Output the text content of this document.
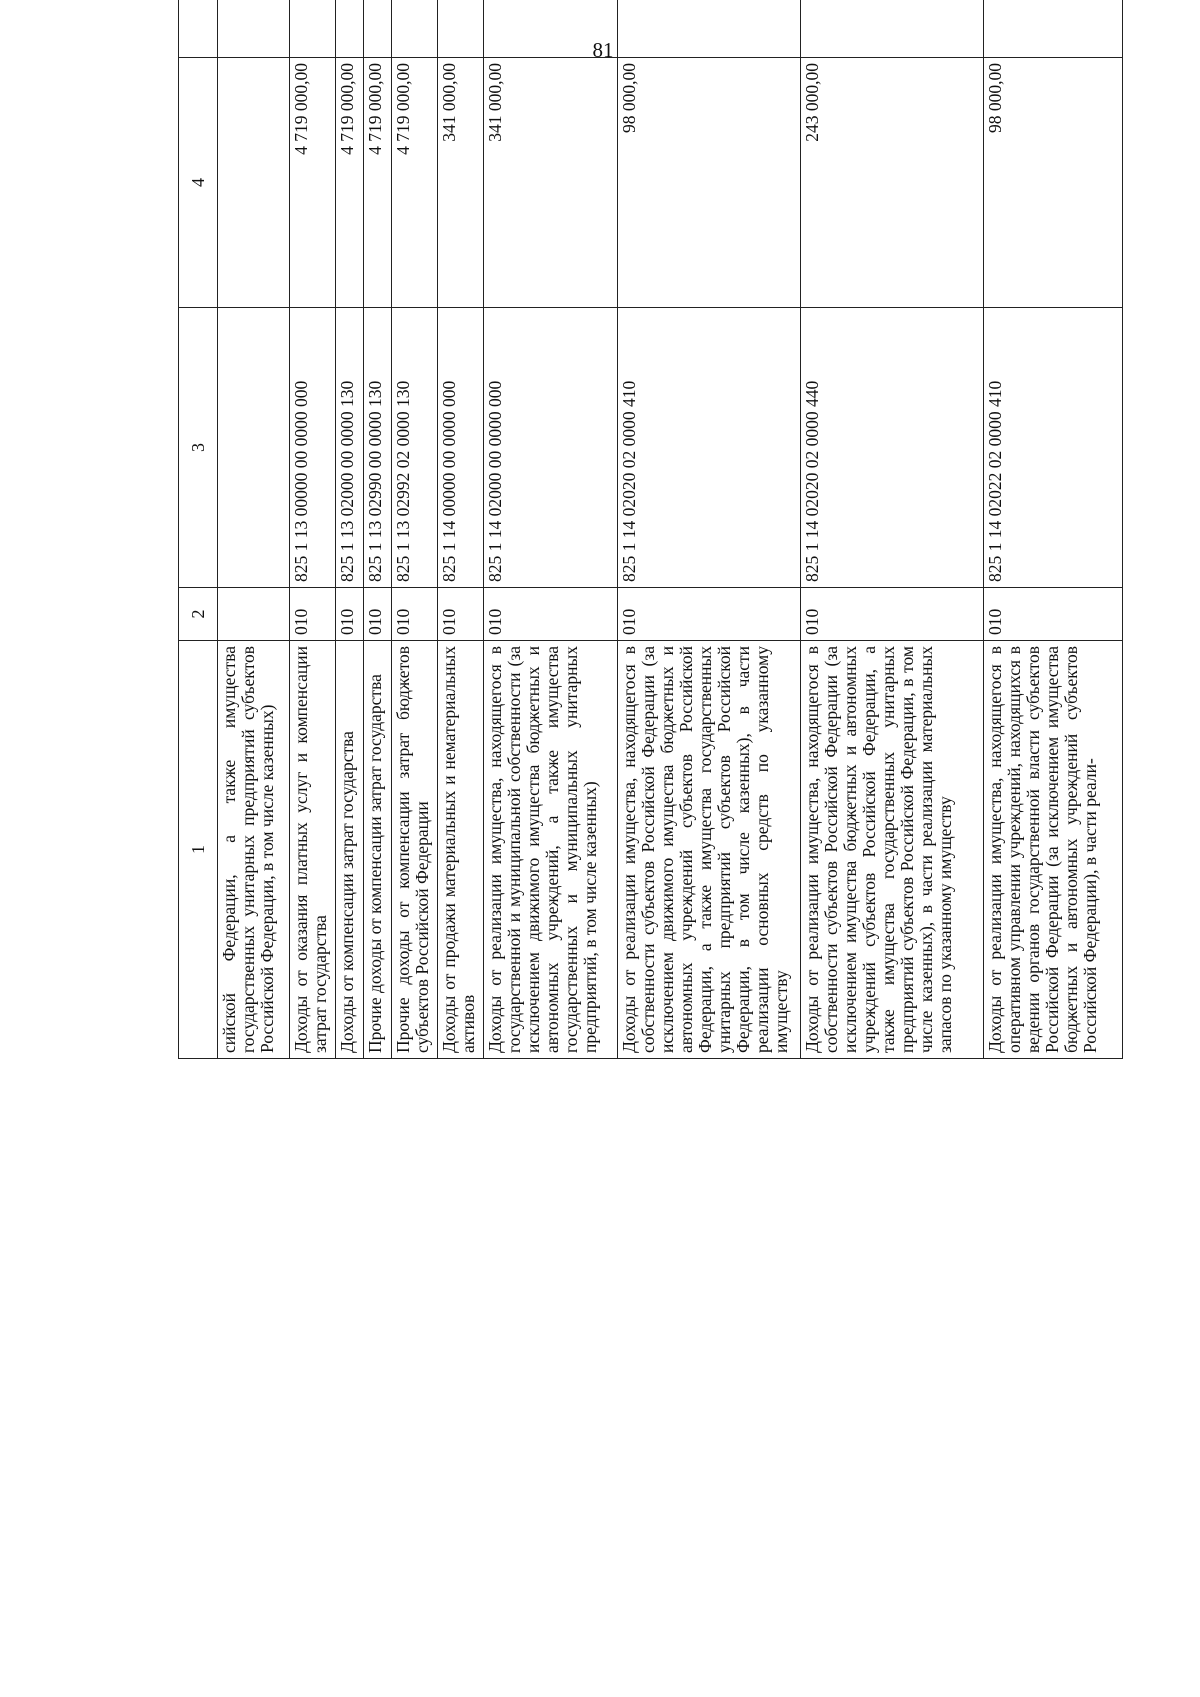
81
1	2	3	4		
сийской Федерации, а также имущества государственных унитарных предприятий субъектов Российской Федерации, в том числе казенных)					
Доходы от оказания платных услуг и компенсации затрат государства	010	825 1 13 00000 00 0000 000	4 719 000,00		
Доходы от компенсации затрат государства	010	825 1 13 02000 00 0000 130	4 719 000,00		
Прочие доходы от компенсации затрат государства	010	825 1 13 02990 00 0000 130	4 719 000,00		
Прочие доходы от компенсации затрат бюджетов субъектов Российской Федерации	010	825 1 13 02992 02 0000 130	4 719 000,00		
Доходы от продажи материальных и нематериальных активов	010	825 1 14 00000 00 0000 000	341 000,00		
Доходы от реализации имущества, находящегося в государственной и муниципальной собственности (за исключением движимого имущества бюджетных и автономных учреждений, а также имущества государственных и муниципальных унитарных предприятий, в том числе казенных)	010	825 1 14 02000 00 0000 000	341 000,00		
Доходы от реализации имущества, находящегося в собственности субъектов Российской Федерации (за исключением движимого имущества бюджетных и автономных учреждений субъектов Российской Федерации, а также имущества государственных унитарных предприятий субъектов Российской Федерации, в том числе казенных), в части реализации основных средств по указанному имуществу	010	825 1 14 02020 02 0000 410	98 000,00		
Доходы от реализации имущества, находящегося в собственности субъектов Российской Федерации (за исключением имущества бюджетных и автономных учреждений субъектов Российской Федерации, а также имущества государственных унитарных предприятий субъектов Российской Федерации, в том числе казенных), в части реализации материальных запасов по указанному имуществу	010	825 1 14 02020 02 0000 440	243 000,00		
Доходы от реализации имущества, находящегося в оперативном управлении учреждений, находящихся в ведении органов государственной власти субъектов Российской Федерации (за исключением имущества бюджетных и автономных учреждений субъектов Российской Федерации), в части реали-	010	825 1 14 02022 02 0000 410	98 000,00		
